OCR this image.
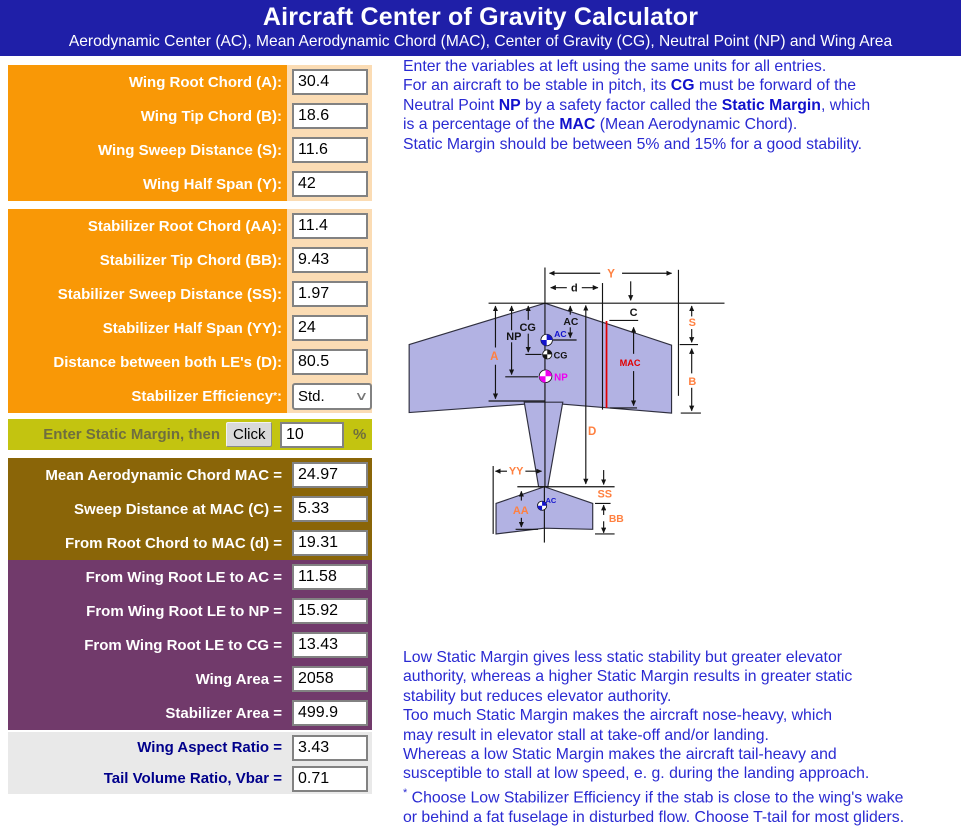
Aircraft Center of Gravity Calculator
Aerodynamic Center (AC), Mean Aerodynamic Chord (MAC), Center of Gravity (CG), Neutral Point (NP) and Wing Area
Wing Root Chord (A):
30.4
Wing Tip Chord (B):
18.6
Wing Sweep Distance (S):
11.6
Wing Half Span (Y):
42
Stabilizer Root Chord (AA):
11.4
Stabilizer Tip Chord (BB):
9.43
Stabilizer Sweep Distance (SS):
1.97
Stabilizer Half Span (YY):
24
Distance between both LE's (D):
80.5
Stabilizer Efficiency * : Std. ∨
Enter Static Margin, then Click
10	%
Mean Aerodynamic Chord MAC =
24.97
Sweep Distance at MAC (C) =
5.33
From Root Chord to MAC (d) =
19.31
From Wing Root LE to AC =
11.58
From Wing Root LE to NP =
15.92
From Wing Root LE to CG =
13.43
Wing Area =
2058
Stabilizer Area =
499.9
Wing Aspect Ratio =
3.43
Tail Volume Ratio, Vbar =
0.71
Enter the variables at left using the same units for all entries.
For an aircraft to be stable in pitch, its CG must be forward of the
Neutral Point NP by a safety factor called the Static Margin, which
is a percentage of the MAC (Mean Aerodynamic Chord).
Static Margin should be between 5% and 15% for a good stability.
Low Static Margin gives less static stability but greater elevator
authority, whereas a higher Static Margin results in greater static
stability but reduces elevator authority.
Too much Static Margin makes the aircraft nose-heavy, which
may result in elevator stall at take-off and/or landing.
Whereas a low Static Margin makes the aircraft tail-heavy and
susceptible to stall at low speed, e. g. during the landing approach.
* Choose Low Stabilizer Efficiency if the stab is close to the wing's wake
or behind a fat fuselage in disturbed flow. Choose T-tail for most gliders.
Y
d
C
S
B
A	MAC
NP
CG AC
AC
CG
NP
D
YY
AA
SS
BB
AC
